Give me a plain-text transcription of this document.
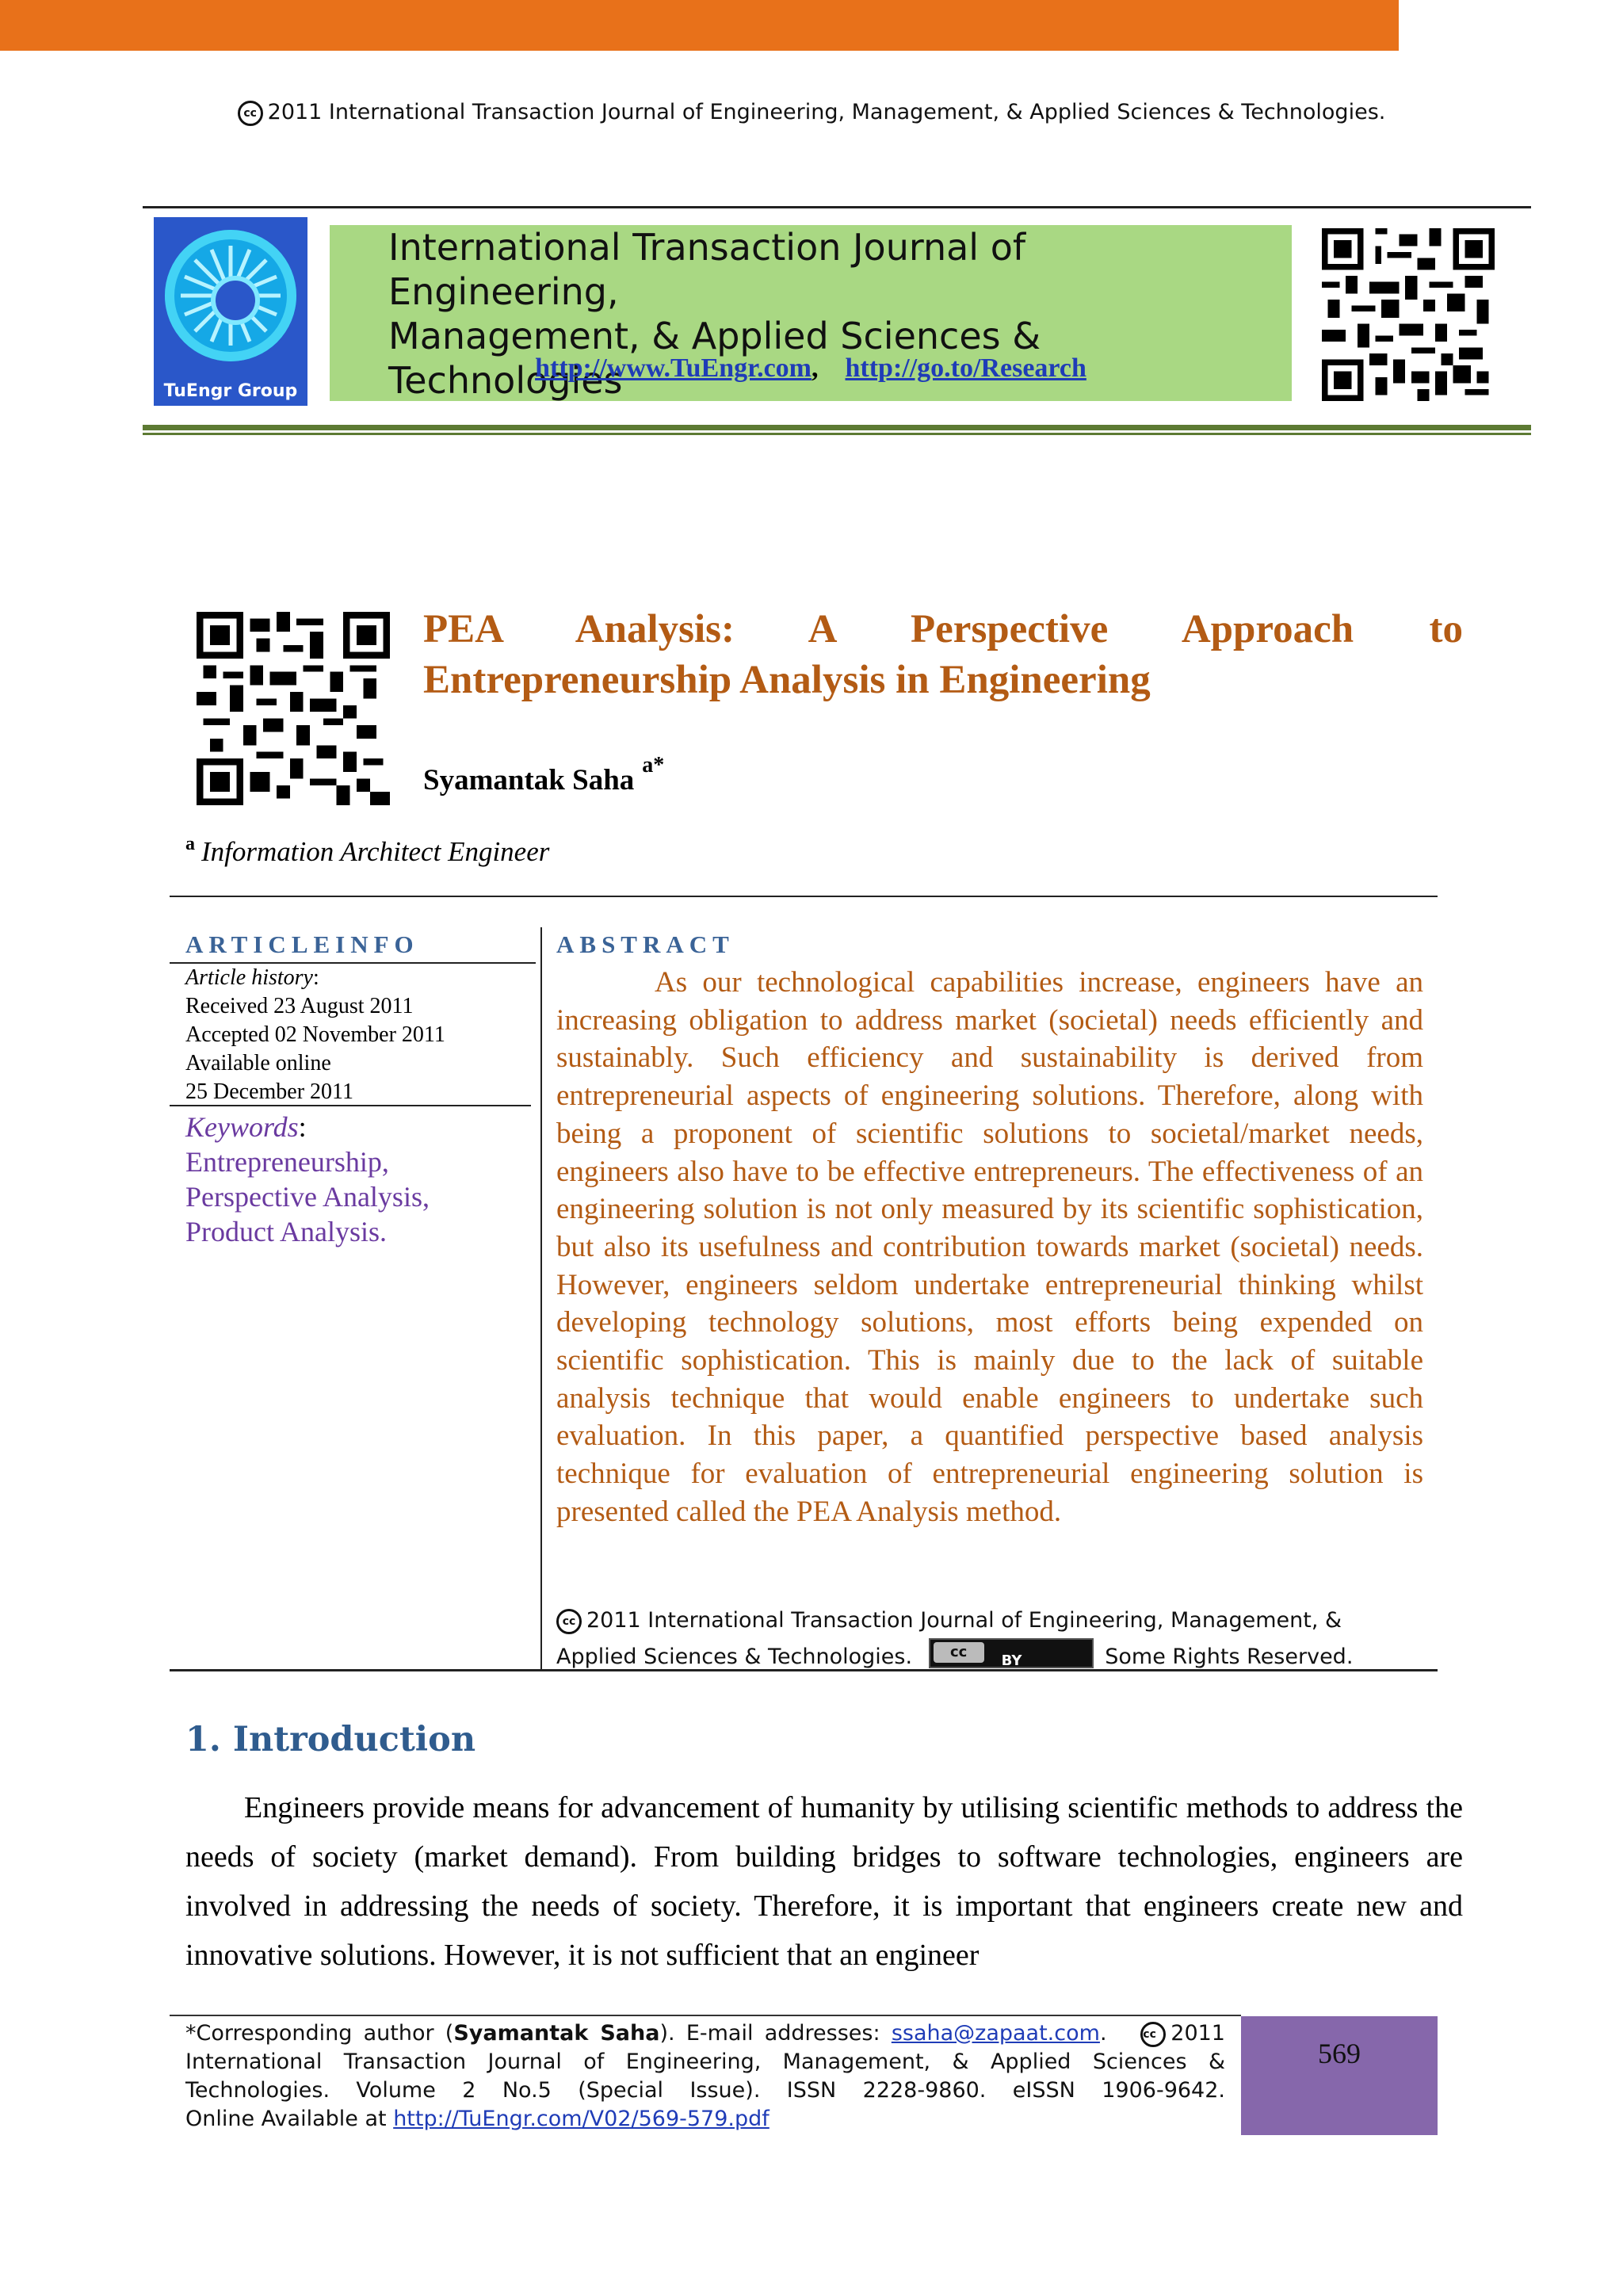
cc 2011 International Transaction Journal of Engineering, Management, & Applied Sciences & Technologies.
TuEngr Group
International Transaction Journal of Engineering,
Management, & Applied Sciences & Technologies
http://www.TuEngr.com, http://go.to/Research
PEA Analysis: A Perspective Approach to
Entrepreneurship Analysis in Engineering
Syamantak Saha $^{a*}$
$^a$ Information Architect Engineer
ARTICLEINFO	ABSTRACT
Article history:
Received 23 August 2011
Accepted 02 November 2011
Available online
25 December 2011
Keywords:
Entrepreneurship,
Perspective Analysis,
Product Analysis.
As our technological capabilities increase, engineers have an increasing obligation to address market (societal) needs efficiently and sustainably. Such efficiency and sustainability is derived from entrepreneurial aspects of engineering solutions. Therefore, along with being a proponent of scientific solutions to societal/market needs, engineers also have to be effective entrepreneurs. The effectiveness of an engineering solution is not only measured by its scientific sophistication, but also its usefulness and contribution towards market (societal) needs. However, engineers seldom undertake entrepreneurial thinking whilst developing technology solutions, most efforts being expended on scientific sophistication. This is mainly due to the lack of suitable analysis technique that would enable engineers to undertake such evaluation. In this paper, a quantified perspective based analysis technique for evaluation of entrepreneurial engineering solution is presented called the PEA Analysis method.
cc 2011 International Transaction Journal of Engineering, Management, &
Applied Sciences & Technologies.	cc
BY	Some Rights Reserved.
1. Introduction
Engineers provide means for advancement of humanity by utilising scientific methods to address the needs of society (market demand). From building bridges to software technologies, engineers are involved in addressing the needs of society. Therefore, it is important that engineers create new and innovative solutions. However, it is not sufficient that an engineer
*Corresponding author (Syamantak Saha). E-mail addresses: ssaha@zapaat.com.   cc 2011
International Transaction Journal of Engineering, Management, & Applied Sciences &
Technologies. Volume 2 No.5 (Special Issue). ISSN 2228-9860. eISSN 1906-9642.
Online Available at http://TuEngr.com/V02/569-579.pdf
569
